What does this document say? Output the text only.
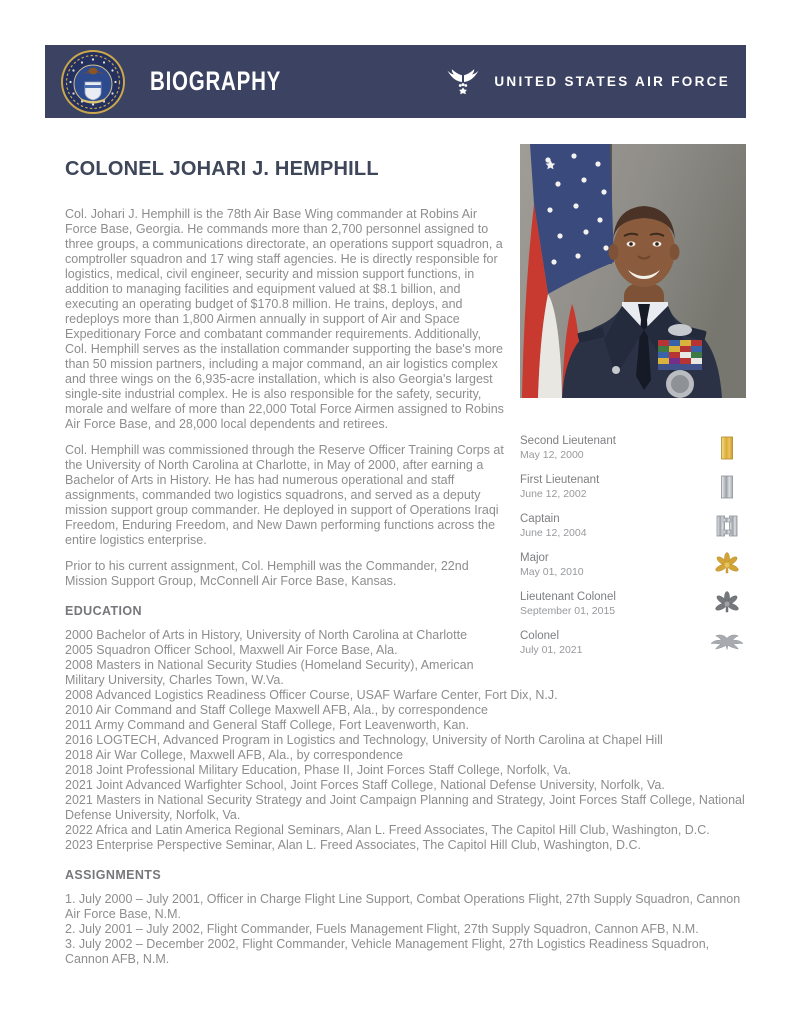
BIOGRAPHY	UNITED STATES AIR FORCE
Second Lieutenant
May 12, 2000
First Lieutenant
June 12, 2002
Captain
June 12, 2004
Major
May 01, 2010
Lieutenant Colonel
September 01, 2015
Colonel
July 01, 2021
COLONEL JOHARI J. HEMPHILL

Col. Johari J. Hemphill is the 78th Air Base Wing commander at Robins Air Force Base, Georgia. He commands more than 2,700 personnel assigned to three groups, a communications directorate, an operations support squadron, a comptroller squadron and 17 wing staff agencies. He is directly responsible for logistics, medical, civil engineer, security and mission support functions, in addition to managing facilities and equipment valued at $8.1 billion, and executing an operating budget of $170.8 million. He trains, deploys, and redeploys more than 1,800 Airmen annually in support of Air and Space Expeditionary Force and combatant commander requirements. Additionally, Col. Hemphill serves as the installation commander supporting the base's more than 50 mission partners, including a major command, an air logistics complex and three wings on the 6,935-acre installation, which is also Georgia's largest single-site industrial complex. He is also responsible for the safety, security, morale and welfare of more than 22,000 Total Force Airmen assigned to Robins Air Force Base, and 28,000 local dependents and retirees.

Col. Hemphill was commissioned through the Reserve Officer Training Corps at the University of North Carolina at Charlotte, in May of 2000, after earning a Bachelor of Arts in History. He has had numerous operational and staff assignments, commanded two logistics squadrons, and served as a deputy mission support group commander. He deployed in support of Operations Iraqi Freedom, Enduring Freedom, and New Dawn performing functions across the entire logistics enterprise.

Prior to his current assignment, Col. Hemphill was the Commander, 22nd Mission Support Group, McConnell Air Force Base, Kansas.

EDUCATION
2000 Bachelor of Arts in History, University of North Carolina at Charlotte
2005 Squadron Officer School, Maxwell Air Force Base, Ala.
2008 Masters in National Security Studies (Homeland Security), American Military University, Charles Town, W.Va.
2008 Advanced Logistics Readiness Officer Course, USAF Warfare Center, Fort Dix, N.J.
2010 Air Command and Staff College Maxwell AFB, Ala., by correspondence
2011 Army Command and General Staff College, Fort Leavenworth, Kan.
2016 LOGTECH, Advanced Program in Logistics and Technology, University of North Carolina at Chapel Hill
2018 Air War College, Maxwell AFB, Ala., by correspondence
2018 Joint Professional Military Education, Phase II, Joint Forces Staff College, Norfolk, Va.
2021 Joint Advanced Warfighter School, Joint Forces Staff College, National Defense University, Norfolk, Va.
2021 Masters in National Security Strategy and Joint Campaign Planning and Strategy, Joint Forces Staff College, National Defense University, Norfolk, Va.
2022 Africa and Latin America Regional Seminars, Alan L. Freed Associates, The Capitol Hill Club, Washington, D.C.
2023 Enterprise Perspective Seminar, Alan L. Freed Associates, The Capitol Hill Club, Washington, D.C.
ASSIGNMENTS
1. July 2000 – July 2001, Officer in Charge Flight Line Support, Combat Operations Flight, 27th Supply Squadron, Cannon Air Force Base, N.M.
2. July 2001 – July 2002, Flight Commander, Fuels Management Flight, 27th Supply Squadron, Cannon AFB, N.M.
3. July 2002 – December 2002, Flight Commander, Vehicle Management Flight, 27th Logistics Readiness Squadron, Cannon AFB, N.M.
